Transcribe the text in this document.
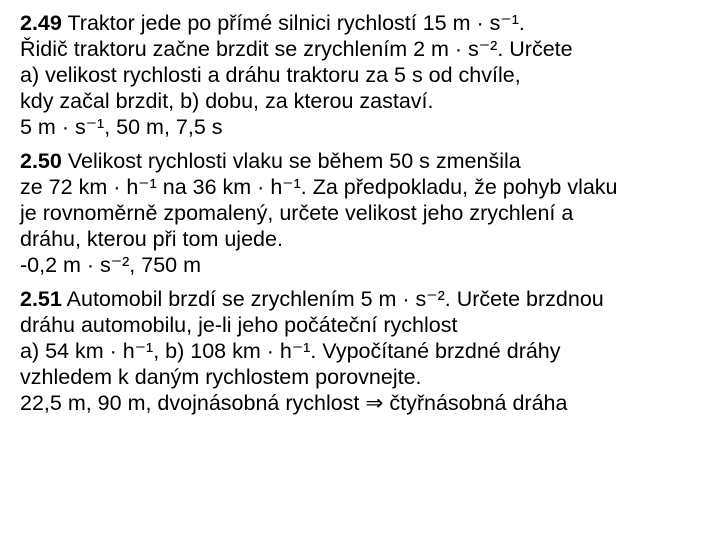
2.49 Traktor jede po přímé silnici rychlostí 15 m · s⁻¹.
Řidič traktoru začne brzdit se zrychlením 2 m · s⁻². Určete
a) velikost rychlosti a dráhu traktoru za 5 s od chvíle,
kdy začal brzdit, b) dobu, za kterou zastaví.
5 m · s⁻¹, 50 m, 7,5 s
2.50 Velikost rychlosti vlaku se během 50 s zmenšila
ze 72 km · h⁻¹ na 36 km · h⁻¹. Za předpokladu, že pohyb vlaku
je rovnoměrně zpomalený, určete velikost jeho zrychlení a
dráhu, kterou při tom ujede.
-0,2 m · s⁻², 750 m
2.51 Automobil brzdí se zrychlením 5 m · s⁻². Určete brzdnou
dráhu automobilu, je-li jeho počáteční rychlost
a) 54 km · h⁻¹, b) 108 km · h⁻¹. Vypočítané brzdné dráhy
vzhledem k daným rychlostem porovnejte.
22,5 m, 90 m, dvojnásobná rychlost ⇒ čtyřnásobná dráha
